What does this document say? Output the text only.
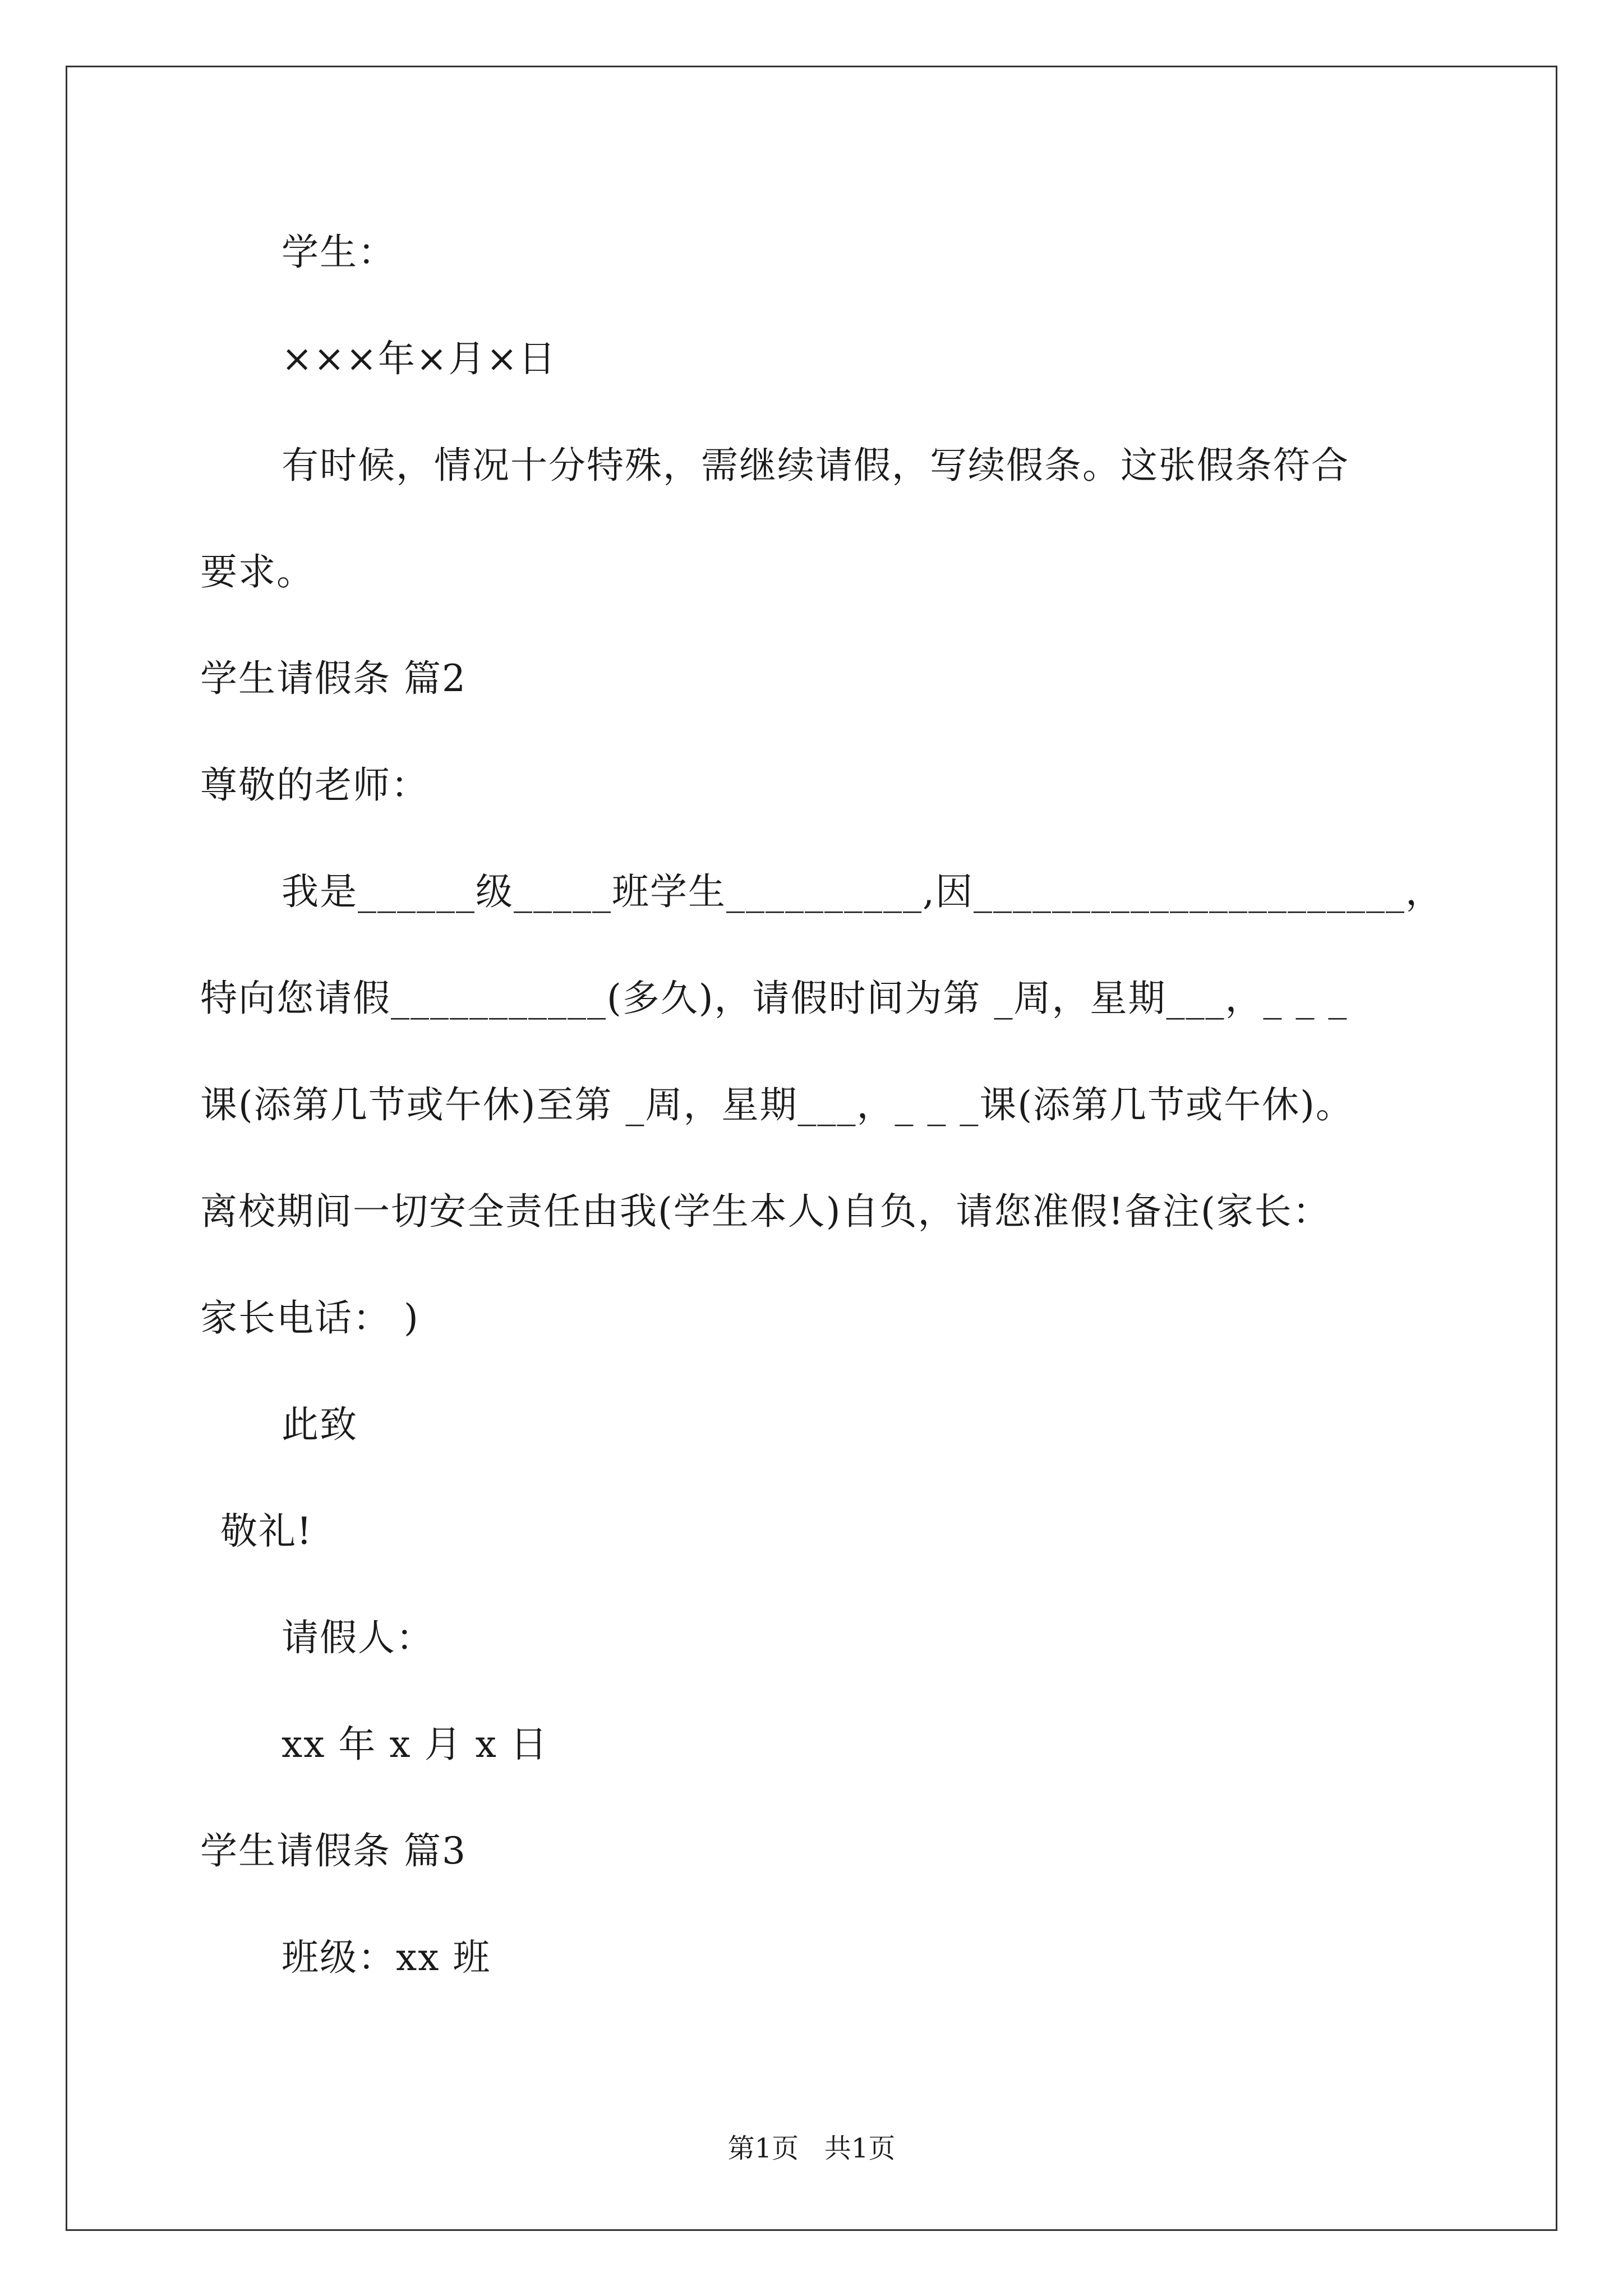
学生：
×××年×月×日
有时候，情况十分特殊，需继续请假，写续假条。这张假条符合
要求。
学生请假条 篇2
尊敬的老师：
我是______级_____班学生__________,因______________________，
特向您请假___________(多久)，请假时间为第 _周，星期___，_ _ _
课(添第几节或午休)至第 _周，星期___，_ _ _课(添第几节或午休)。
离校期间一切安全责任由我(学生本人)自负，请您准假!备注(家长：
家长电话： )
此致
敬礼!
请假人：
xx 年 x 月 x 日
学生请假条 篇3
班级：xx 班
第1页   共1页
